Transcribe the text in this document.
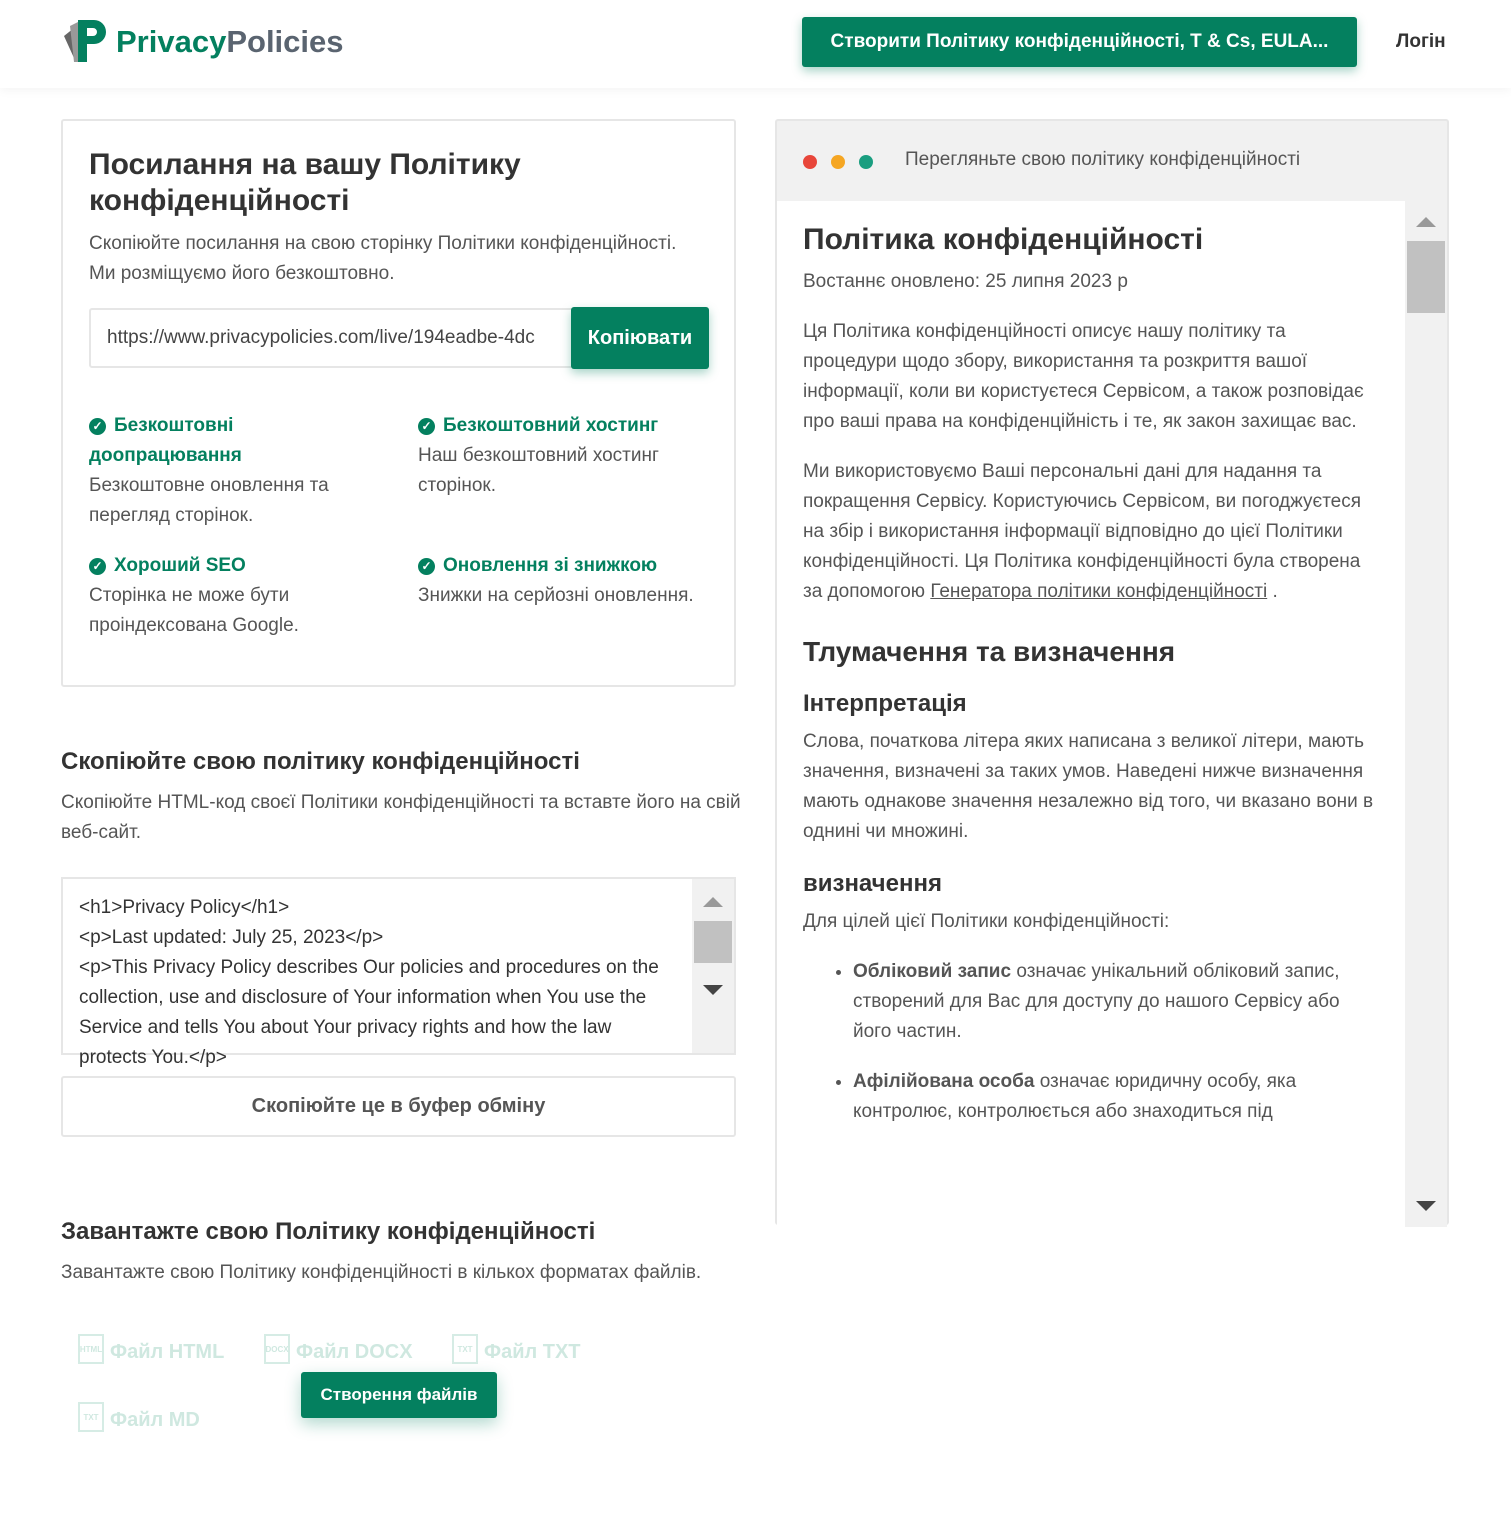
PrivacyPolicies	Створити Політику конфіденційності, T & Cs, EULA...	Логін
Посилання на вашу Політику конфіденційності
Скопіюйте посилання на свою сторінку Політики конфіденційності. Ми розміщуємо його безкоштовно.
https://www.privacypolicies.com/live/194eadbe-4dc	Копіювати
✓ Безкоштовні доопрацювання
Безкоштовне оновлення та перегляд сторінок.
✓ Безкоштовний хостинг
Наш безкоштовний хостинг сторінок.
✓ Хороший SEO
Сторінка не може бути проіндексована Google.
✓ Оновлення зі знижкою
Знижки на серйозні оновлення.
Скопіюйте свою політику конфіденційності
Скопіюйте HTML-код своєї Політики конфіденційності та вставте його на свій веб-сайт.
<h1>Privacy Policy</h1>
<p>Last updated: July 25, 2023</p>
<p>This Privacy Policy describes Our policies and procedures on the collection, use and disclosure of Your information when You use the Service and tells You about Your privacy rights and how the law protects You.</p>
Скопіюйте це в буфер обміну
Завантажте свою Політику конфіденційності
Завантажте свою Політику конфіденційності в кількох форматах файлів.
HTML Файл HTML	DOCX Файл DOCX	TXT Файл TXT
TXT Файл MD
Створення файлів
Перегляньте свою політику конфіденційності
Політика конфіденційності

Востаннє оновлено: 25 липня 2023 р

Ця Політика конфіденційності описує нашу політику та процедури щодо збору, використання та розкриття вашої інформації, коли ви користуєтеся Сервісом, а також розповідає про ваші права на конфіденційність і те, як закон захищає вас.

Ми використовуємо Ваші персональні дані для надання та покращення Сервісу. Користуючись Сервісом, ви погоджуєтеся на збір і використання інформації відповідно до цієї Політики конфіденційності. Ця Політика конфіденційності була створена за допомогою Генератора політики конфіденційності .

Тлумачення та визначення
Інтерпретація

Слова, початкова літера яких написана з великої літери, мають значення, визначені за таких умов. Наведені нижче визначення мають однакове значення незалежно від того, чи вказано вони в однині чи множині.

визначення

Для цілей цієї Політики конфіденційності:

• Обліковий запис означає унікальний обліковий запис, створений для Вас для доступу до нашого Сервісу або його частин.
• Афілійована особа означає юридичну особу, яка контролює, контролюється або знаходиться під
